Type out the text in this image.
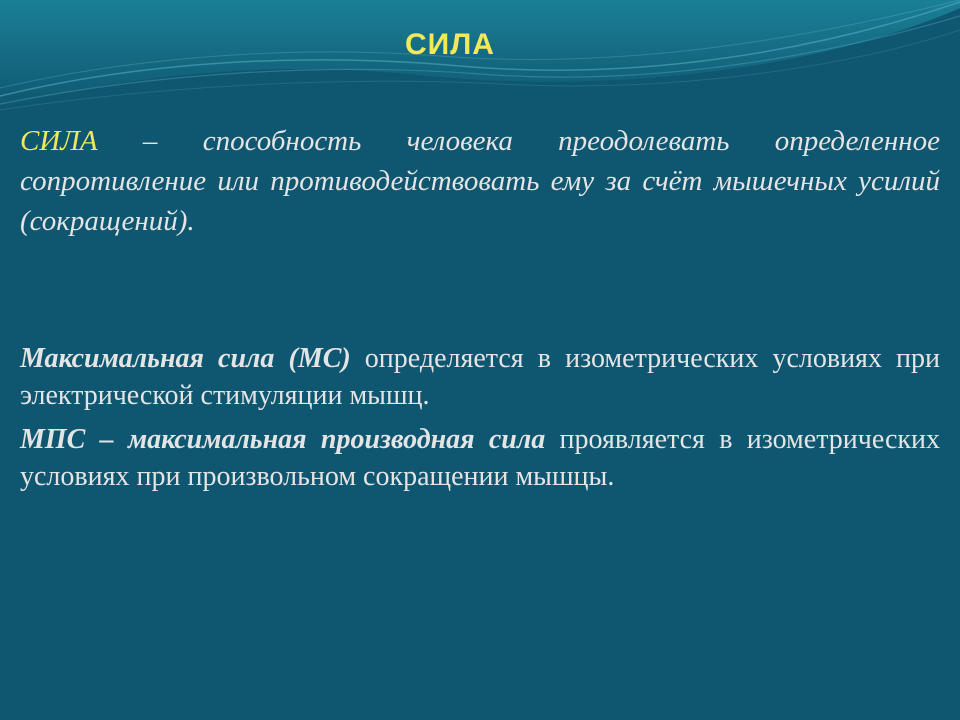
СИЛА

СИЛА – способность человека преодолевать определенное сопротивление или противодействовать ему за счёт мышечных усилий (сокращений).

Максимальная сила (МС) определяется в изометрических условиях при электрической стимуляции мышц.

МПС – максимальная производная сила проявляется в изометрических условиях при произвольном сокращении мышцы.
